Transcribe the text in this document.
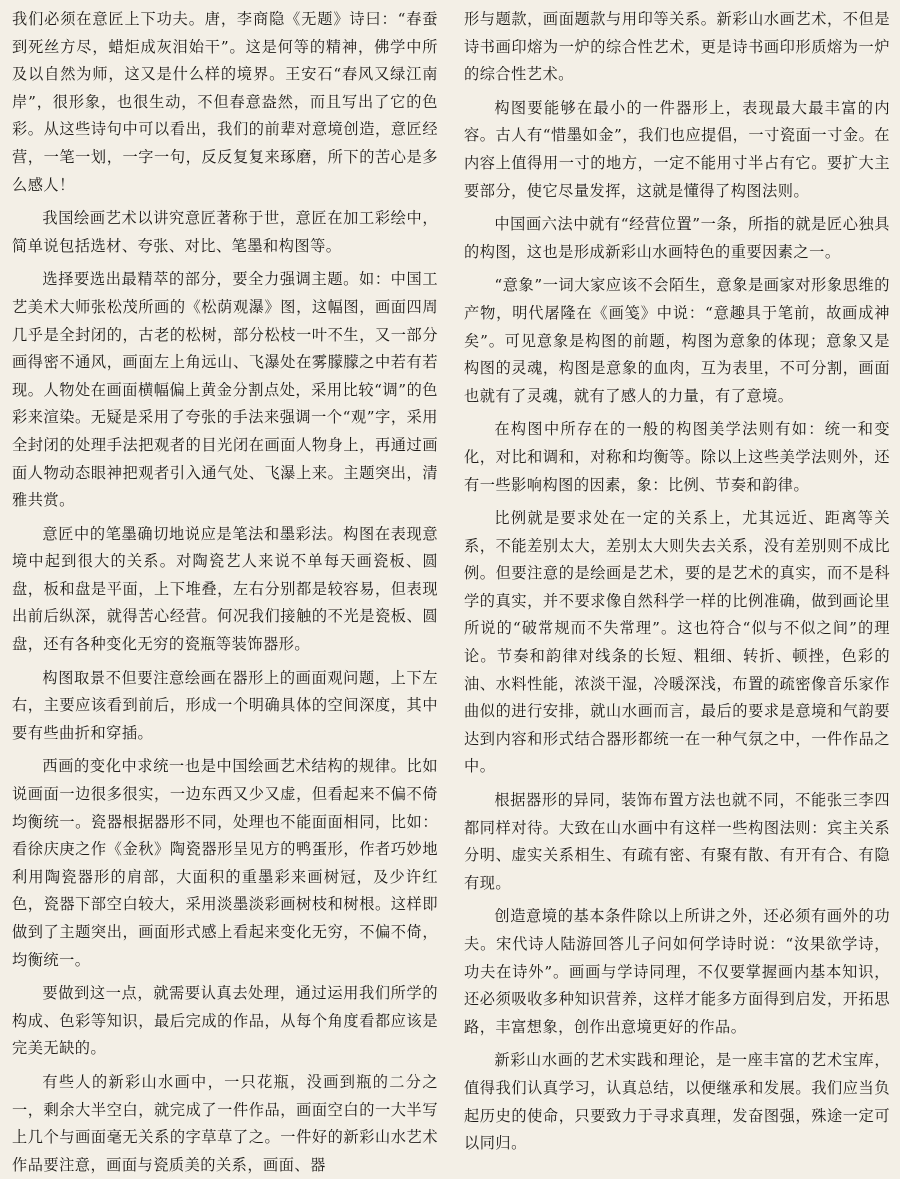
我们必须在意匠上下功夫。唐，李商隐《无题》诗曰：“春蚕到死丝方尽，蜡炬成灰泪始干”。这是何等的精神，佛学中所及以自然为师，这又是什么样的境界。王安石“春风又绿江南岸”，很形象，也很生动，不但春意盎然，而且写出了它的色彩。从这些诗句中可以看出，我们的前辈对意境创造，意匠经营，一笔一划，一字一句，反反复复来琢磨，所下的苦心是多么感人！

我国绘画艺术以讲究意匠著称于世，意匠在加工彩绘中，简单说包括选材、夸张、对比、笔墨和构图等。

选择要选出最精萃的部分，要全力强调主题。如：中国工艺美术大师张松茂所画的《松荫观瀑》图，这幅图，画面四周几乎是全封闭的，古老的松树，部分松枝一叶不生，又一部分画得密不通风，画面左上角远山、飞瀑处在雾朦朦之中若有若现。人物处在画面横幅偏上黄金分割点处，采用比较“调”的色彩来渲染。无疑是采用了夸张的手法来强调一个“观”字，采用全封闭的处理手法把观者的目光闭在画面人物身上，再通过画面人物动态眼神把观者引入通气处、飞瀑上来。主题突出，清雅共赏。

意匠中的笔墨确切地说应是笔法和墨彩法。构图在表现意境中起到很大的关系。对陶瓷艺人来说不单每天画瓷板、圆盘，板和盘是平面，上下堆叠，左右分别都是较容易，但表现出前后纵深，就得苦心经营。何况我们接触的不光是瓷板、圆盘，还有各种变化无穷的瓷瓶等装饰器形。

构图取景不但要注意绘画在器形上的画面观问题，上下左右，主要应该看到前后，形成一个明确具体的空间深度，其中要有些曲折和穿插。

西画的变化中求统一也是中国绘画艺术结构的规律。比如说画面一边很多很实，一边东西又少又虚，但看起来不偏不倚均衡统一。瓷器根据器形不同，处理也不能面面相同，比如：看徐庆庚之作《金秋》陶瓷器形呈见方的鸭蛋形，作者巧妙地利用陶瓷器形的肩部，大面积的重墨彩来画树冠，及少许红色，瓷器下部空白较大，采用淡墨淡彩画树枝和树根。这样即做到了主题突出，画面形式感上看起来变化无穷，不偏不倚，均衡统一。

要做到这一点，就需要认真去处理，通过运用我们所学的构成、色彩等知识，最后完成的作品，从每个角度看都应该是完美无缺的。

有些人的新彩山水画中，一只花瓶，没画到瓶的二分之一，剩余大半空白，就完成了一件作品，画面空白的一大半写上几个与画面毫无关系的字草草了之。一件好的新彩山水艺术作品要注意，画面与瓷质美的关系，画面、器

形与题款，画面题款与用印等关系。新彩山水画艺术，不但是诗书画印熔为一炉的综合性艺术，更是诗书画印形质熔为一炉的综合性艺术。

构图要能够在最小的一件器形上，表现最大最丰富的内容。古人有“惜墨如金”，我们也应提倡，一寸瓷面一寸金。在内容上值得用一寸的地方，一定不能用寸半占有它。要扩大主要部分，使它尽量发挥，这就是懂得了构图法则。

中国画六法中就有“经营位置”一条，所指的就是匠心独具的构图，这也是形成新彩山水画特色的重要因素之一。

“意象”一词大家应该不会陌生，意象是画家对形象思维的产物，明代屠隆在《画笺》中说：“意趣具于笔前，故画成神矣”。可见意象是构图的前题，构图为意象的体现；意象又是构图的灵魂，构图是意象的血肉，互为表里，不可分割，画面也就有了灵魂，就有了感人的力量，有了意境。

在构图中所存在的一般的构图美学法则有如：统一和变化，对比和调和，对称和均衡等。除以上这些美学法则外，还有一些影响构图的因素，象：比例、节奏和韵律。

比例就是要求处在一定的关系上，尤其远近、距离等关系，不能差别太大，差别太大则失去关系，没有差别则不成比例。但要注意的是绘画是艺术，要的是艺术的真实，而不是科学的真实，并不要求像自然科学一样的比例准确，做到画论里所说的“破常规而不失常理”。这也符合“似与不似之间”的理论。节奏和韵律对线条的长短、粗细、转折、顿挫，色彩的油、水料性能，浓淡干湿，冷暖深浅，布置的疏密像音乐家作曲似的进行安排，就山水画而言，最后的要求是意境和气韵要达到内容和形式结合器形都统一在一种气氛之中，一件作品之中。

根据器形的异同，装饰布置方法也就不同，不能张三李四都同样对待。大致在山水画中有这样一些构图法则：宾主关系分明、虚实关系相生、有疏有密、有聚有散、有开有合、有隐有现。

创造意境的基本条件除以上所讲之外，还必须有画外的功夫。宋代诗人陆游回答儿子问如何学诗时说：“汝果欲学诗，功夫在诗外”。画画与学诗同理，不仅要掌握画内基本知识，还必须吸收多种知识营养，这样才能多方面得到启发，开拓思路，丰富想象，创作出意境更好的作品。

新彩山水画的艺术实践和理论，是一座丰富的艺术宝库，值得我们认真学习，认真总结，以便继承和发展。我们应当负起历史的使命，只要致力于寻求真理，发奋图强，殊途一定可以同归。
